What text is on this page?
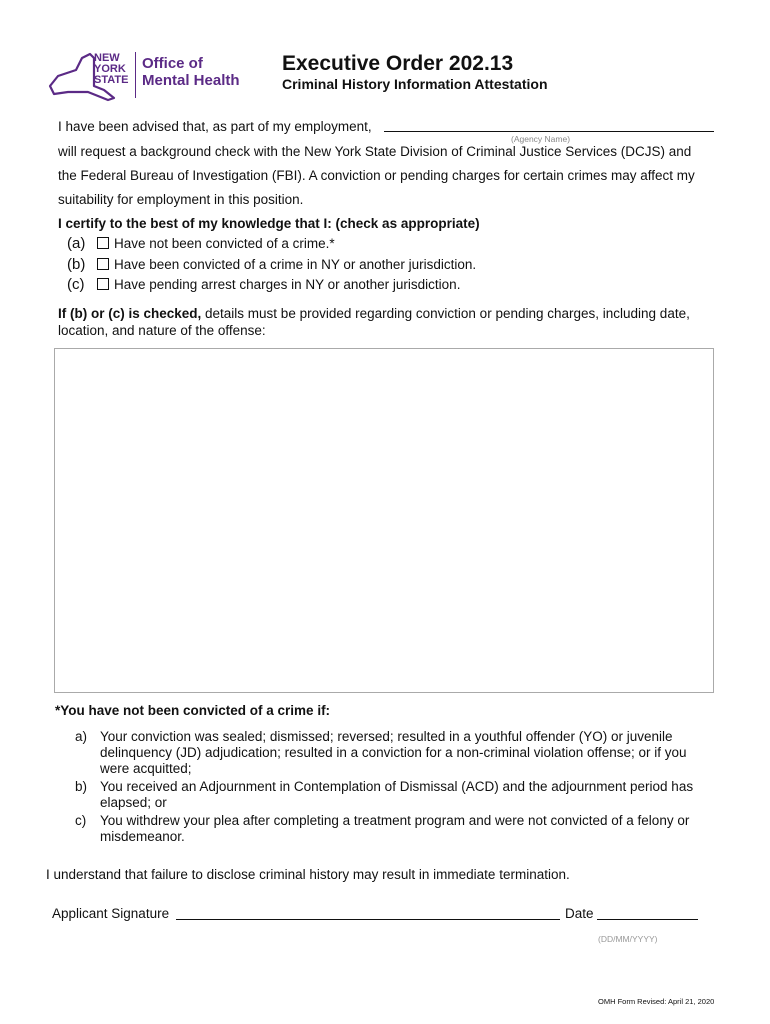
NEW
YORK
STATE
Office of
Mental Health
Executive Order 202.13
Criminal History Information Attestation
I have been advised that, as part of my employment,
(Agency Name)
will request a background check with the New York State Division of Criminal Justice Services (DCJS) and
the Federal Bureau of Investigation (FBI). A conviction or pending charges for certain crimes may affect my
suitability for employment in this position.
I certify to the best of my knowledge that I: (check as appropriate)
(a) Have not been convicted of a crime.*
(b) Have been convicted of a crime in NY or another jurisdiction.
(c) Have pending arrest charges in NY or another jurisdiction.
If (b) or (c) is checked, details must be provided regarding conviction or pending charges, including date, location, and nature of the offense:
*You have not been convicted of a crime if:
a) Your conviction was sealed; dismissed; reversed; resulted in a youthful offender (YO) or juvenile delinquency (JD) adjudication; resulted in a conviction for a non-criminal violation offense; or if you were acquitted;
b) You received an Adjournment in Contemplation of Dismissal (ACD) and the adjournment period has elapsed; or
c) You withdrew your plea after completing a treatment program and were not convicted of a felony or misdemeanor.
I understand that failure to disclose criminal history may result in immediate termination.
Applicant Signature	Date
(DD/MM/YYYY)
OMH Form Revised: April 21, 2020
